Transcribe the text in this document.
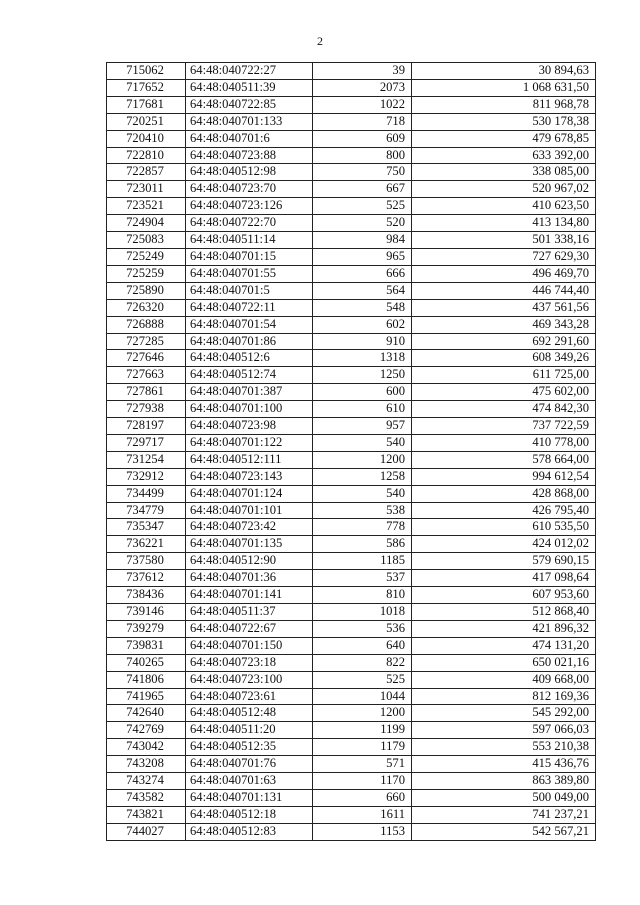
2
715062	64:48:040722:27	39	30 894,63
717652	64:48:040511:39	2073	1 068 631,50
717681	64:48:040722:85	1022	811 968,78
720251	64:48:040701:133	718	530 178,38
720410	64:48:040701:6	609	479 678,85
722810	64:48:040723:88	800	633 392,00
722857	64:48:040512:98	750	338 085,00
723011	64:48:040723:70	667	520 967,02
723521	64:48:040723:126	525	410 623,50
724904	64:48:040722:70	520	413 134,80
725083	64:48:040511:14	984	501 338,16
725249	64:48:040701:15	965	727 629,30
725259	64:48:040701:55	666	496 469,70
725890	64:48:040701:5	564	446 744,40
726320	64:48:040722:11	548	437 561,56
726888	64:48:040701:54	602	469 343,28
727285	64:48:040701:86	910	692 291,60
727646	64:48:040512:6	1318	608 349,26
727663	64:48:040512:74	1250	611 725,00
727861	64:48:040701:387	600	475 602,00
727938	64:48:040701:100	610	474 842,30
728197	64:48:040723:98	957	737 722,59
729717	64:48:040701:122	540	410 778,00
731254	64:48:040512:111	1200	578 664,00
732912	64:48:040723:143	1258	994 612,54
734499	64:48:040701:124	540	428 868,00
734779	64:48:040701:101	538	426 795,40
735347	64:48:040723:42	778	610 535,50
736221	64:48:040701:135	586	424 012,02
737580	64:48:040512:90	1185	579 690,15
737612	64:48:040701:36	537	417 098,64
738436	64:48:040701:141	810	607 953,60
739146	64:48:040511:37	1018	512 868,40
739279	64:48:040722:67	536	421 896,32
739831	64:48:040701:150	640	474 131,20
740265	64:48:040723:18	822	650 021,16
741806	64:48:040723:100	525	409 668,00
741965	64:48:040723:61	1044	812 169,36
742640	64:48:040512:48	1200	545 292,00
742769	64:48:040511:20	1199	597 066,03
743042	64:48:040512:35	1179	553 210,38
743208	64:48:040701:76	571	415 436,76
743274	64:48:040701:63	1170	863 389,80
743582	64:48:040701:131	660	500 049,00
743821	64:48:040512:18	1611	741 237,21
744027	64:48:040512:83	1153	542 567,21
